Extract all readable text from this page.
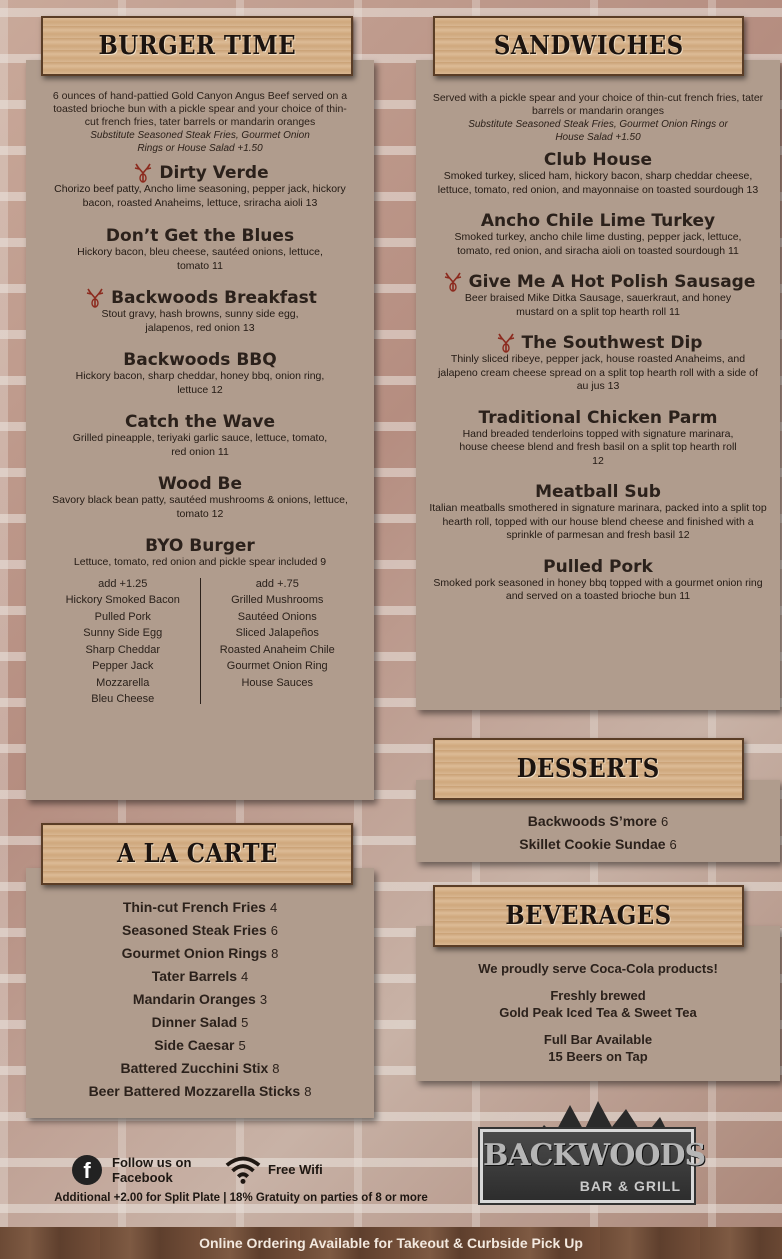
6 ounces of hand-pattied Gold Canyon Angus Beef served on a toasted brioche bun with a pickle spear and your choice of thin-cut french fries, tater barrels or mandarin oranges
Substitute Seasoned Steak Fries, Gourmet Onion Rings or House Salad +1.50
Dirty Verde
Chorizo beef patty, Ancho lime seasoning, pepper jack, hickory bacon, roasted Anaheims, lettuce, sriracha aioli 13
Don’t Get the Blues
Hickory bacon, bleu cheese, sautéed onions, lettuce, tomato 11
Backwoods Breakfast
Stout gravy, hash browns, sunny side egg, jalapenos, red onion 13
Backwoods BBQ
Hickory bacon, sharp cheddar, honey bbq, onion ring, lettuce 12
Catch the Wave
Grilled pineapple, teriyaki garlic sauce, lettuce, tomato, red onion 11
Wood Be
Savory black bean patty, sautéed mushrooms & onions, lettuce, tomato 12
BYO Burger
Lettuce, tomato, red onion and pickle spear included 9
add +1.25
Hickory Smoked Bacon
Pulled Pork
Sunny Side Egg
Sharp Cheddar
Pepper Jack
Mozzarella
Bleu Cheese
add +.75
Grilled Mushrooms
Sautéed Onions
Sliced Jalapeños
Roasted Anaheim Chile
Gourmet Onion Ring
House Sauces
BURGER TIME
Served with a pickle spear and your choice of thin-cut french fries, tater barrels or mandarin oranges
Substitute Seasoned Steak Fries, Gourmet Onion Rings or House Salad +1.50
Club House
Smoked turkey, sliced ham, hickory bacon, sharp cheddar cheese, lettuce, tomato, red onion, and mayonnaise on toasted sourdough 13
Ancho Chile Lime Turkey
Smoked turkey, ancho chile lime dusting, pepper jack, lettuce, tomato, red onion, and siracha aioli on toasted sourdough 11
Give Me A Hot Polish Sausage
Beer braised Mike Ditka Sausage, sauerkraut, and honey mustard on a split top hearth roll 11
The Southwest Dip
Thinly sliced ribeye, pepper jack, house roasted Anaheims, and jalapeno cream cheese spread on a split top hearth roll with a side of au jus 13
Traditional Chicken Parm
Hand breaded tenderloins topped with signature marinara, house cheese blend and fresh basil on a split top hearth roll 12
Meatball Sub
Italian meatballs smothered in signature marinara, packed into a split top hearth roll, topped with our house blend cheese and finished with a sprinkle of parmesan and fresh basil 12
Pulled Pork
Smoked pork seasoned in honey bbq topped with a gourmet onion ring and served on a toasted brioche bun 11
SANDWICHES
Backwoods S’more 6
Skillet Cookie Sundae 6
DESSERTS
Thin-cut French Fries 4
Seasoned Steak Fries 6
Gourmet Onion Rings 8
Tater Barrels 4
Mandarin Oranges 3
Dinner Salad 5
Side Caesar 5
Battered Zucchini Stix 8
Beer Battered Mozzarella Sticks 8
A LA CARTE
We proudly serve Coca-Cola products!
Freshly brewed
Gold Peak Iced Tea & Sweet Tea
Full Bar Available
15 Beers on Tap
BEVERAGES
f	Follow us on
Facebook
Free Wifi
Additional +2.00 for Split Plate | 18% Gratuity on parties of 8 or more
BACKWOODS
BAR & GRILL
Online Ordering Available for Takeout & Curbside Pick Up
